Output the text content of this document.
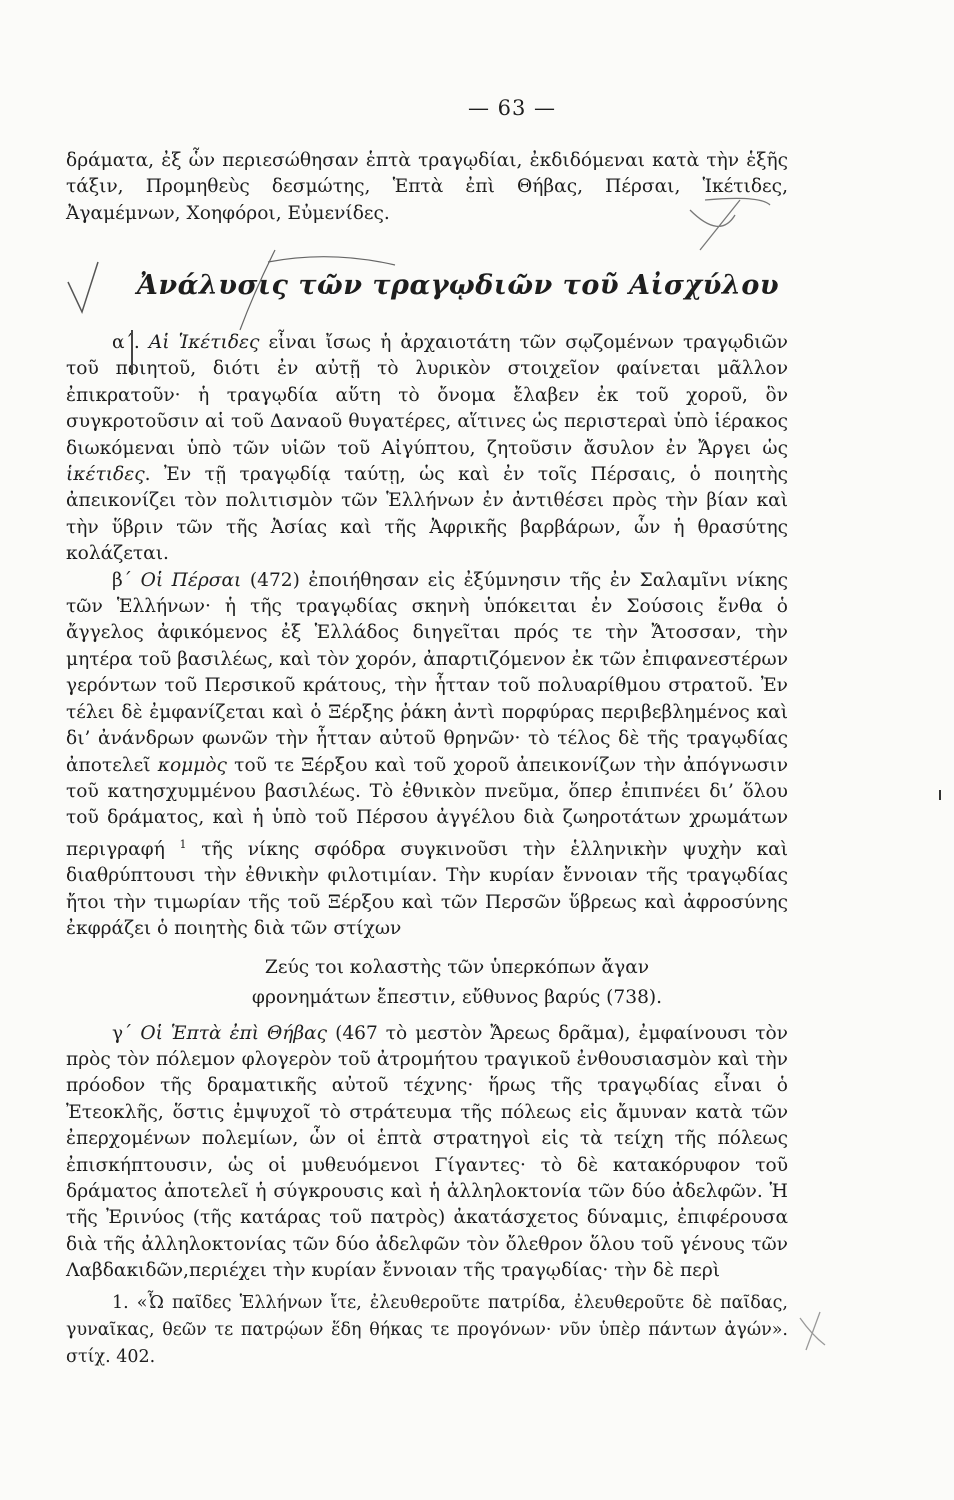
— 63 —

δράματα, ἐξ ὧν περιεσώθησαν ἑπτὰ τραγῳδίαι, ἐκδιδόμεναι κατὰ τὴν ἑξῆς τάξιν, Προμηθεὺς δεσμώτης, Ἑπτὰ ἐπὶ Θήβας, Πέρσαι, Ἱκέτιδες, Ἀγαμέμνων, Χοηφόροι, Εὐμενίδες.

Ἀνάλυσις τῶν τραγῳδιῶν τοῦ Αἰσχύλου

α΄. Αἱ Ἱκέτιδες εἶναι ἴσως ἡ ἀρχαιοτάτη τῶν σῳζομένων τραγῳδιῶν τοῦ ποιητοῦ, διότι ἐν αὐτῇ τὸ λυρικὸν στοιχεῖον φαίνεται μᾶλλον ἐπικρατοῦν· ἡ τραγῳδία αὕτη τὸ ὄνομα ἔλαβεν ἐκ τοῦ χοροῦ, ὃν συγκροτοῦσιν αἱ τοῦ Δαναοῦ θυγατέρες, αἵτινες ὡς περιστεραὶ ὑπὸ ἱέρακος διωκόμεναι ὑπὸ τῶν υἱῶν τοῦ Αἰγύπτου, ζητοῦσιν ἄσυλον ἐν Ἄργει ὡς ἱκέτιδες. Ἐν τῇ τραγῳδίᾳ ταύτῃ, ὡς καὶ ἐν τοῖς Πέρσαις, ὁ ποιητὴς ἀπεικονίζει τὸν πολιτισμὸν τῶν Ἑλλήνων ἐν ἀντιθέσει πρὸς τὴν βίαν καὶ τὴν ὕβριν τῶν τῆς Ἀσίας καὶ τῆς Ἀφρικῆς βαρβάρων, ὧν ἡ θρασύτης κολάζεται.

β΄ Οἱ Πέρσαι (472) ἐποιήθησαν εἰς ἐξύμνησιν τῆς ἐν Σαλαμῖνι νίκης τῶν Ἑλλήνων· ἡ τῆς τραγῳδίας σκηνὴ ὑπόκειται ἐν Σούσοις ἔνθα ὁ ἄγγελος ἀφικόμενος ἐξ Ἑλλάδος διηγεῖται πρός τε τὴν Ἄτοσσαν, τὴν μητέρα τοῦ βασιλέως, καὶ τὸν χορόν, ἀπαρτιζόμενον ἐκ τῶν ἐπιφανεστέρων γερόντων τοῦ Περσικοῦ κράτους, τὴν ἧτταν τοῦ πολυαρίθμου στρατοῦ. Ἐν τέλει δὲ ἐμφανίζεται καὶ ὁ Ξέρξης ῥάκη ἀντὶ πορφύρας περιβεβλημένος καὶ δι’ ἀνάνδρων φωνῶν τὴν ἧτταν αὐτοῦ θρηνῶν· τὸ τέλος δὲ τῆς τραγῳδίας ἀποτελεῖ κομμὸς τοῦ τε Ξέρξου καὶ τοῦ χοροῦ ἀπεικονίζων τὴν ἀπόγνωσιν τοῦ κατησχυμμένου βασιλέως. Τὸ ἐθνικὸν πνεῦμα, ὅπερ ἐπιπνέει δι’ ὅλου τοῦ δράματος, καὶ ἡ ὑπὸ τοῦ Πέρσου ἀγγέλου διὰ ζωηροτάτων χρωμάτων περιγραφή $^1$ τῆς νίκης σφόδρα συγκινοῦσι τὴν ἑλληνικὴν ψυχὴν καὶ διαθρύπτουσι τὴν ἐθνικὴν φιλοτιμίαν. Τὴν κυρίαν ἔννοιαν τῆς τραγῳδίας ἤτοι τὴν τιμωρίαν τῆς τοῦ Ξέρξου καὶ τῶν Περσῶν ὕβρεως καὶ ἀφροσύνης ἐκφράζει ὁ ποιητὴς διὰ τῶν στίχων

Ζεύς τοι κολαστὴς τῶν ὑπερκόπων ἄγαν
φρονημάτων ἔπεστιν, εὔθυνος βαρύς (738).

γ΄ Οἱ Ἑπτὰ ἐπὶ Θήβας (467 τὸ μεστὸν Ἄρεως δρᾶμα), ἐμφαίνουσι τὸν πρὸς τὸν πόλεμον φλογερὸν τοῦ ἀτρομήτου τραγικοῦ ἐνθουσιασμὸν καὶ τὴν πρόοδον τῆς δραματικῆς αὐτοῦ τέχνης· ἥρως τῆς τραγῳδίας εἶναι ὁ Ἐτεοκλῆς, ὅστις ἐμψυχοῖ τὸ στράτευμα τῆς πόλεως εἰς ἄμυναν κατὰ τῶν ἐπερχομένων πολεμίων, ὧν οἱ ἑπτὰ στρατηγοὶ εἰς τὰ τείχη τῆς πόλεως ἐπισκήπτουσιν, ὡς οἱ μυθευόμενοι Γίγαντες· τὸ δὲ κατακόρυφον τοῦ δράματος ἀποτελεῖ ἡ σύγκρουσις καὶ ἡ ἀλληλοκτονία τῶν δύο ἀδελφῶν. Ἡ τῆς Ἐρινύος (τῆς κατάρας τοῦ πατρὸς) ἀκατάσχετος δύναμις, ἐπιφέρουσα διὰ τῆς ἀλληλοκτονίας τῶν δύο ἀδελφῶν τὸν ὄλεθρον ὅλου τοῦ γένους τῶν Λαβδακιδῶν,περιέχει τὴν κυρίαν ἔννοιαν τῆς τραγῳδίας· τὴν δὲ περὶ

1. «Ὦ παῖδες Ἑλλήνων ἴτε, ἐλευθεροῦτε πατρίδα, ἐλευθεροῦτε δὲ παῖδας, γυναῖκας, θεῶν τε πατρῴων ἕδη θήκας τε προγόνων· νῦν ὑπὲρ πάντων ἀγών». στίχ. 402.
